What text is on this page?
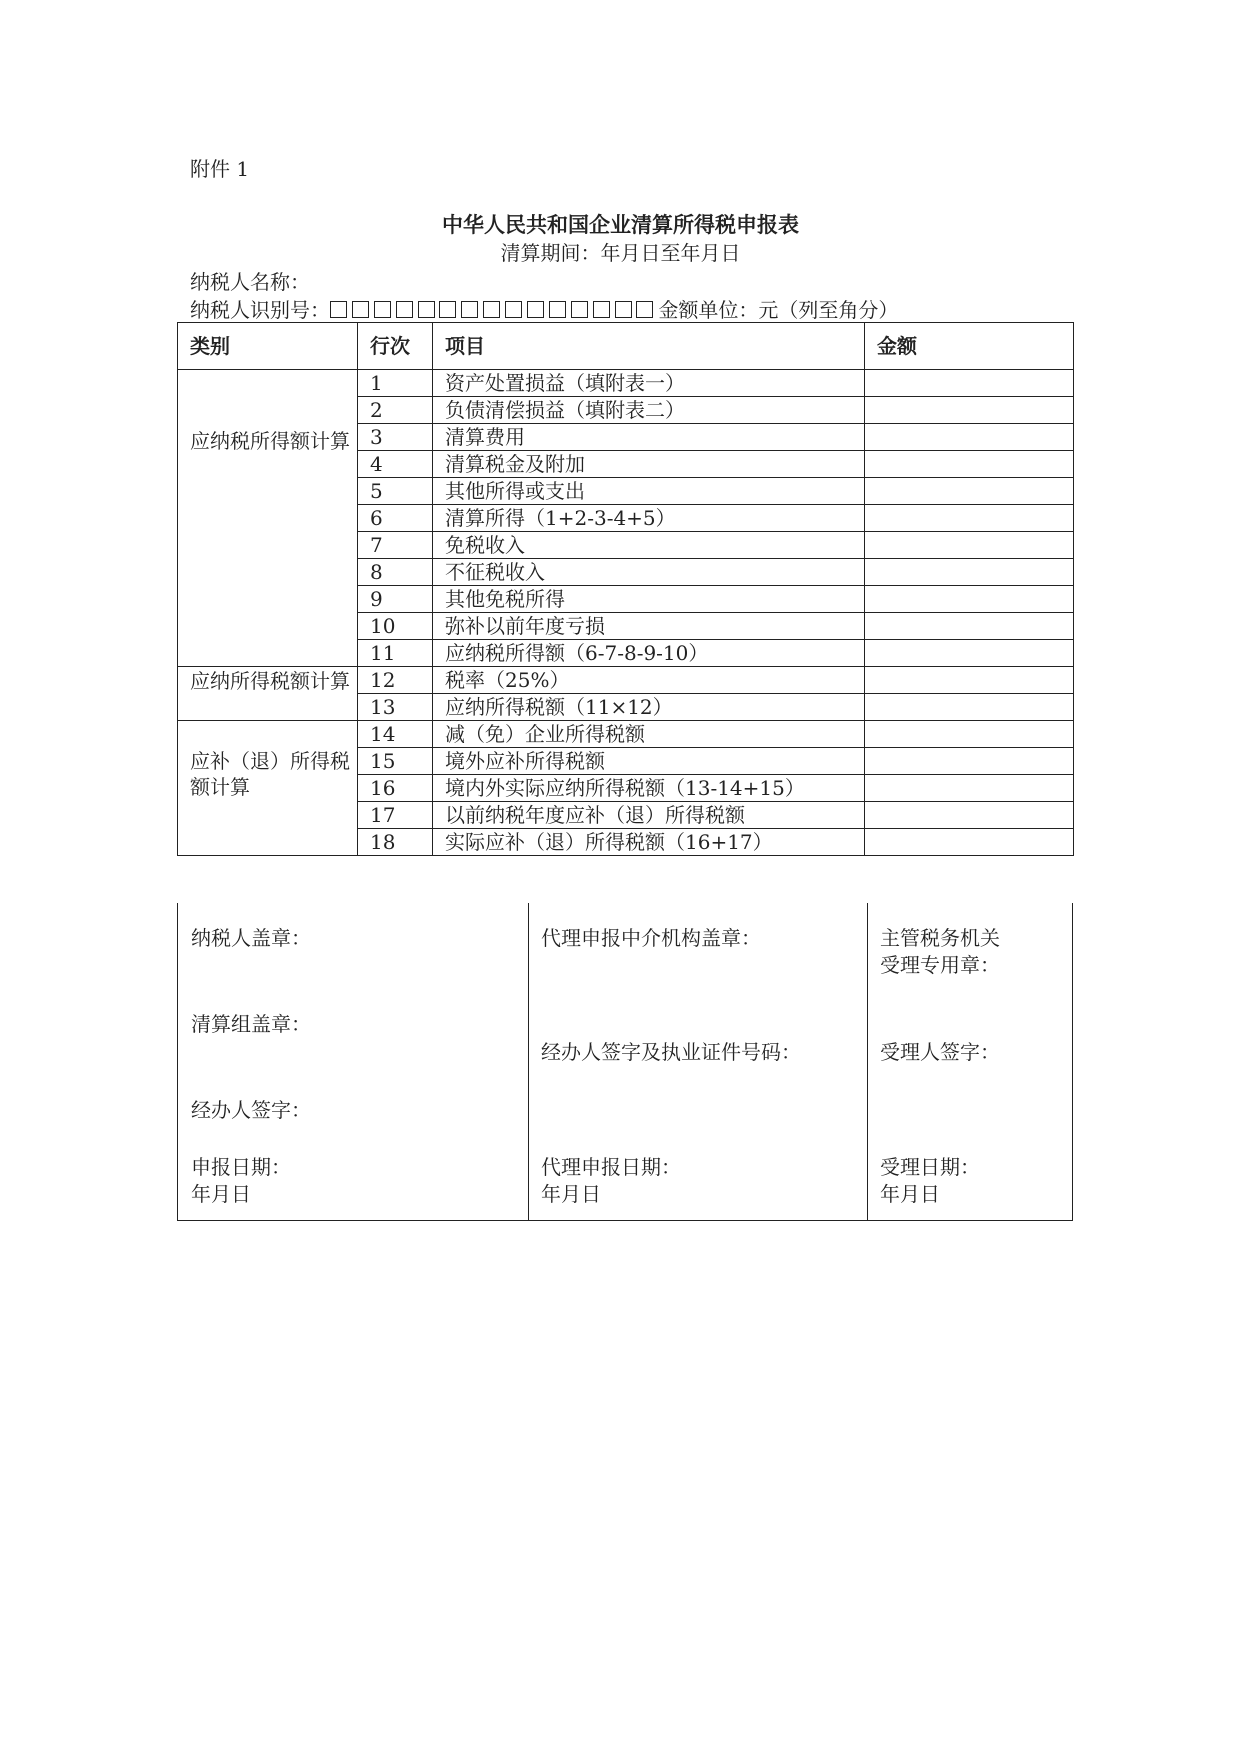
附件 1
中华人民共和国企业清算所得税申报表
清算期间：年月日至年月日
纳税人名称：
纳税人识别号：	金额单位：元（列至角分）
类别	行次	项目	金额
应纳税所得额计算	1	资产处置损益（填附表一）	
	2	负债清偿损益（填附表二）	
	3	清算费用	
	4	清算税金及附加	
	5	其他所得或支出	
	6	清算所得（1+2-3-4+5）	
	7	免税收入	
	8	不征税收入	
	9	其他免税所得	
	10	弥补以前年度亏损	
	11	应纳税所得额（6-7-8-9-10）	
应纳所得税额计算	12	税率（25%）	
	13	应纳所得税额（11×12）	
应补（退）所得税额计算	14	减（免）企业所得税额	
	15	境外应补所得税额	
	16	境内外实际应纳所得税额（13-14+15）	
	17	以前纳税年度应补（退）所得税额	
	18	实际应补（退）所得税额（16+17）	
纳税人盖章：
清算组盖章：
经办人签字：
申报日期：
年月日
代理申报中介机构盖章：
经办人签字及执业证件号码：
代理申报日期：
年月日
主管税务机关
受理专用章：
受理人签字：
受理日期：
年月日
